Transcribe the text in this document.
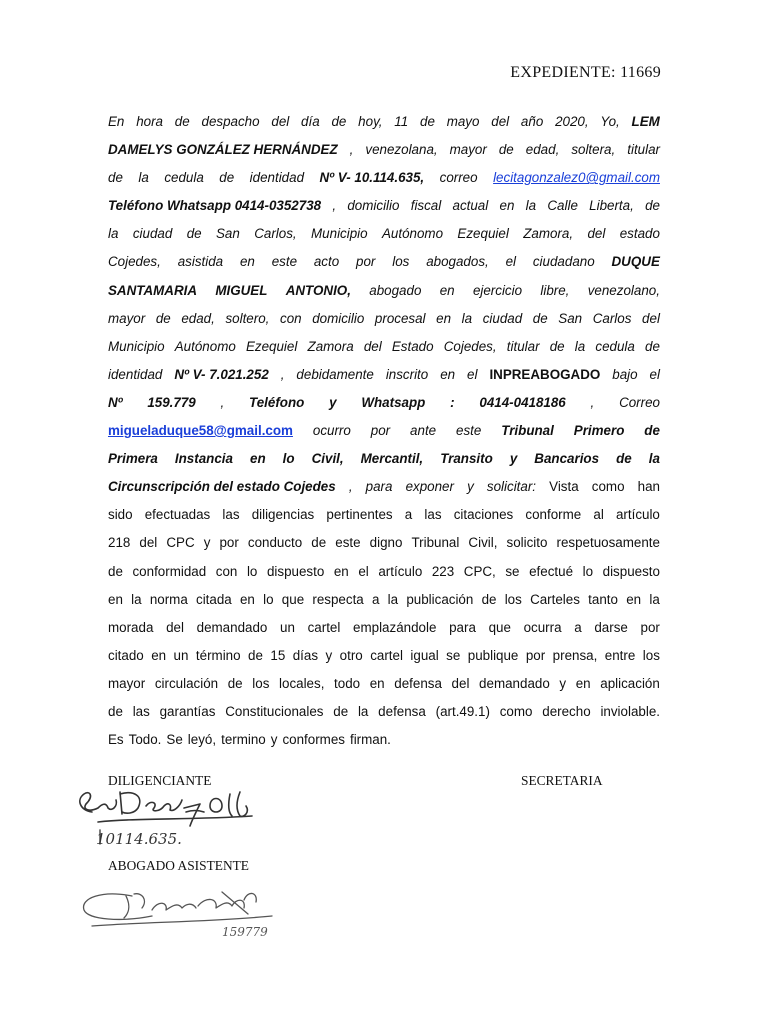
EXPEDIENTE: 11669
En hora de despacho del día de hoy, 11 de mayo del año 2020, Yo, LEM
DAMELYS GONZÁLEZ HERNÁNDEZ , venezolana, mayor de edad, soltera, titular
de la cedula de identidad Nº V- 10.114.635, correo lecitagonzalez0@gmail.com
Teléfono Whatsapp 0414-0352738 , domicilio fiscal actual en la Calle Liberta, de
la ciudad de San Carlos, Municipio Autónomo Ezequiel Zamora, del estado
Cojedes, asistida en este acto por los abogados, el ciudadano DUQUE
SANTAMARIA MIGUEL ANTONIO, abogado en ejercicio libre, venezolano,
mayor de edad, soltero, con domicilio procesal en la ciudad de San Carlos del
Municipio Autónomo Ezequiel Zamora del Estado Cojedes, titular de la cedula de
identidad Nº V- 7.021.252 , debidamente inscrito en el INPREABOGADO bajo el
Nº 159.779 , Teléfono y Whatsapp : 0414-0418186 , Correo
migueladuque58@gmail.com ocurro por ante este Tribunal Primero de
Primera Instancia en lo Civil, Mercantil, Transito y Bancarios de la
Circunscripción del estado Cojedes , para exponer y solicitar: Vista como han
sido efectuadas las diligencias pertinentes a las citaciones conforme al artículo
218 del CPC y por conducto de este digno Tribunal Civil, solicito respetuosamente
de conformidad con lo dispuesto en el artículo 223 CPC, se efectué lo dispuesto
en la norma citada en lo que respecta a la publicación de los Carteles tanto en la
morada del demandado un cartel emplazándole para que ocurra a darse por
citado en un término de 15 días y otro cartel igual se publique por prensa, entre los
mayor circulación de los locales, todo en defensa del demandado y en aplicación
de las garantías Constitucionales de la defensa (art.49.1) como derecho inviolable.
Es Todo. Se leyó, termino y conformes firman.
DILIGENCIANTE	SECRETARIA
10114.635.
ABOGADO ASISTENTE
159779
